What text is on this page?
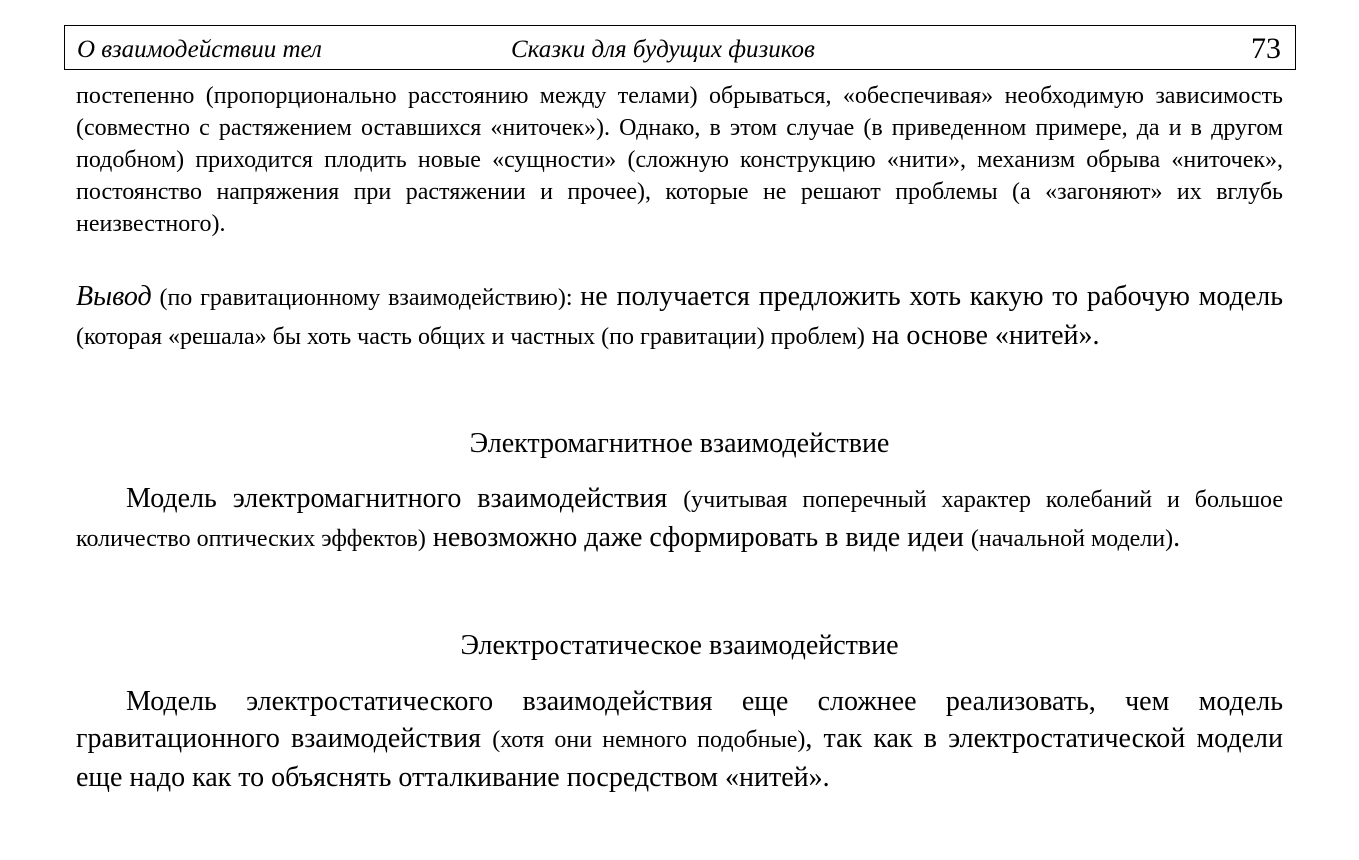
О взаимодействии тел	Сказки для будущих физиков	73

постепенно (пропорционально расстоянию между телами) обрываться, «обеспечивая» необходимую зависимость (совместно с растяжением оставшихся «ниточек»). Однако, в этом случае (в приведенном примере, да и в другом подобном) приходится плодить новые «сущности» (сложную конструкцию «нити», механизм обрыва «ниточек», постоянство напряжения при растяжении и прочее), которые не решают проблемы (а «загоняют» их вглубь неизвестного).

Вывод (по гравитационному взаимодействию): не получается предложить хоть какую то рабочую модель (которая «решала» бы хоть часть общих и частных (по гравитации) проблем) на основе «нитей».

Электромагнитное взаимодействие

Модель электромагнитного взаимодействия (учитывая поперечный характер колебаний и большое количество оптических эффектов) невозможно даже сформировать в виде идеи (начальной модели).

Электростатическое взаимодействие

Модель электростатического взаимодействия еще сложнее реализовать, чем модель гравитационного взаимодействия (хотя они немного подобные), так как в электростатической модели еще надо как то объяснять отталкивание посредством «нитей».
